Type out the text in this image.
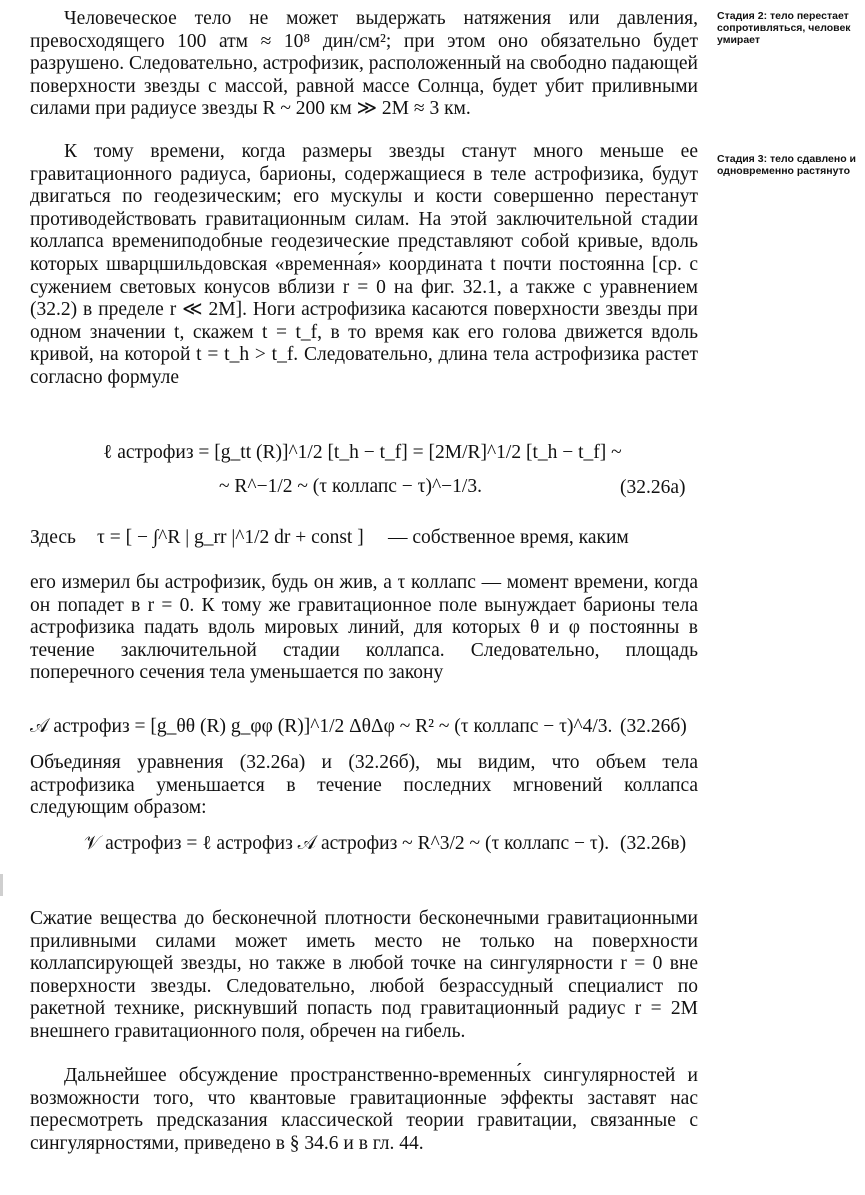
Человеческое тело не может выдержать натяжения или давления, превосходящего 100 атм ≈ 10⁸ дин/см²; при этом оно обязательно будет разрушено. Следовательно, астрофизик, расположенный на свободно падающей поверхности звезды с массой, равной массе Солнца, будет убит приливными силами при радиусе звезды R ~ 200 км ≫ 2M ≈ 3 км.

Стадия 2: тело перестает сопротивляться, человек умирает
Стадия 3: тело сдавлено и одновременно растянуто

К тому времени, когда размеры звезды станут много меньше ее гравитационного радиуса, барионы, содержащиеся в теле астрофизика, будут двигаться по геодезическим; его мускулы и кости совершенно перестанут противодействовать гравитационным силам. На этой заключительной стадии коллапса времениподобные геодезические представляют собой кривые, вдоль которых шварцшильдовская «временна́я» координата t почти постоянна [ср. с сужением световых конусов вблизи r = 0 на фиг. 32.1, а также с уравнением (32.2) в пределе r ≪ 2M]. Ноги астрофизика касаются поверхности звезды при одном значении t, скажем t = t_f, в то время как его голова движется вдоль кривой, на которой t = t_h > t_f. Следовательно, длина тела астрофизика растет согласно формуле

ℓ астрофиз = [g_tt (R)]^1/2 [t_h − t_f] = [2M/R]^1/2 [t_h − t_f] ~
~ R^−1/2 ~ (τ коллапс − τ)^−1/3.	(32.26а)
Здесь τ = [ − ∫^R | g_rr |^1/2 dr + const ] — собственное время, каким

его измерил бы астрофизик, будь он жив, а τ коллапс — момент времени, когда он попадет в r = 0. К тому же гравитационное поле вынуждает барионы тела астрофизика падать вдоль мировых линий, для которых θ и φ постоянны в течение заключительной стадии коллапса. Следовательно, площадь поперечного сечения тела уменьшается по закону

𝒜 астрофиз = [g_θθ (R) g_φφ (R)]^1/2 ΔθΔφ ~ R² ~ (τ коллапс − τ)^4/3. (32.26б)

Объединяя уравнения (32.26а) и (32.26б), мы видим, что объем тела астрофизика уменьшается в течение последних мгновений коллапса следующим образом:

𝒱 астрофиз = ℓ астрофиз 𝒜 астрофиз ~ R^3/2 ~ (τ коллапс − τ). (32.26в)

Сжатие вещества до бесконечной плотности бесконечными гравитационными приливными силами может иметь место не только на поверхности коллапсирующей звезды, но также в любой точке на сингулярности r = 0 вне поверхности звезды. Следовательно, любой безрассудный специалист по ракетной технике, рискнувший попасть под гравитационный радиус r = 2M внешнего гравитационного поля, обречен на гибель.

Дальнейшее обсуждение пространственно-временны́х сингулярностей и возможности того, что квантовые гравитационные эффекты заставят нас пересмотреть предсказания классической теории гравитации, связанные с сингулярностями, приведено в § 34.6 и в гл. 44.
